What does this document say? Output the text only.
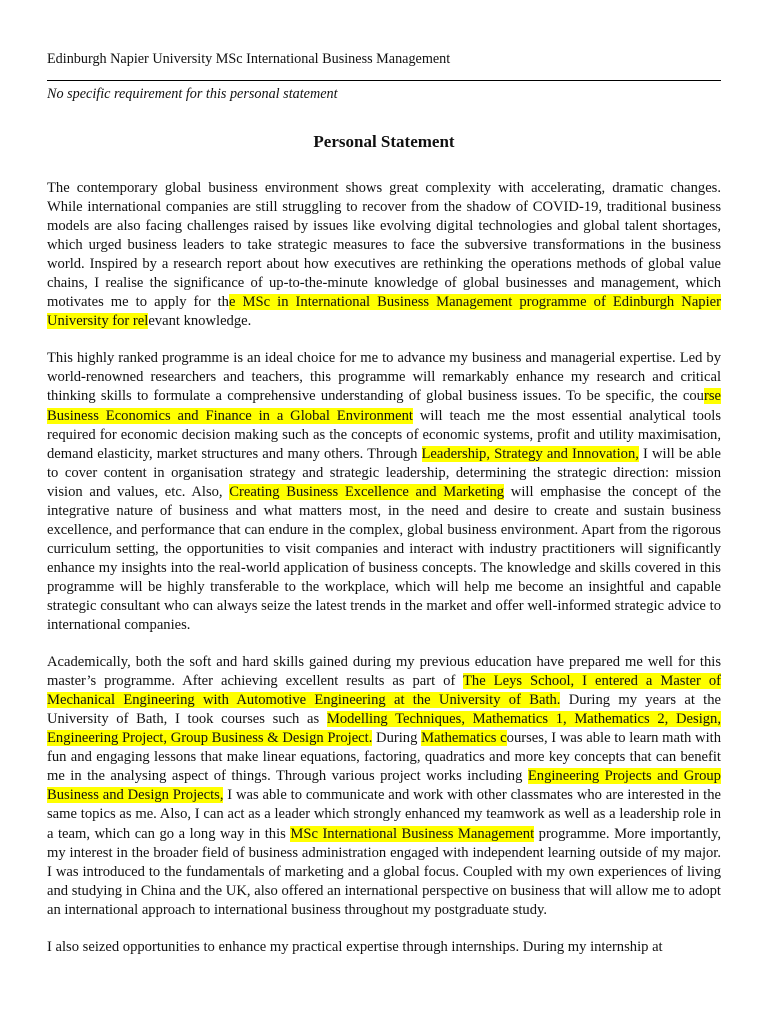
Edinburgh Napier University MSc International Business Management
No specific requirement for this personal statement
Personal Statement

The contemporary global business environment shows great complexity with accelerating, dramatic changes. While international companies are still struggling to recover from the shadow of COVID-19, traditional business models are also facing challenges raised by issues like evolving digital technologies and global talent shortages, which urged business leaders to take strategic measures to face the subversive transformations in the business world. Inspired by a research report about how executives are rethinking the operations methods of global value chains, I realise the significance of up-to-the-minute knowledge of global businesses and management, which motivates me to apply for the MSc in International Business Management programme of Edinburgh Napier University for relevant knowledge.

This highly ranked programme is an ideal choice for me to advance my business and managerial expertise. Led by world-renowned researchers and teachers, this programme will remarkably enhance my research and critical thinking skills to formulate a comprehensive understanding of global business issues. To be specific, the course Business Economics and Finance in a Global Environment will teach me the most essential analytical tools required for economic decision making such as the concepts of economic systems, profit and utility maximisation, demand elasticity, market structures and many others. Through Leadership, Strategy and Innovation, I will be able to cover content in organisation strategy and strategic leadership, determining the strategic direction: mission vision and values, etc. Also, Creating Business Excellence and Marketing will emphasise the concept of the integrative nature of business and what matters most, in the need and desire to create and sustain business excellence, and performance that can endure in the complex, global business environment. Apart from the rigorous curriculum setting, the opportunities to visit companies and interact with industry practitioners will significantly enhance my insights into the real-world application of business concepts. The knowledge and skills covered in this programme will be highly transferable to the workplace, which will help me become an insightful and capable strategic consultant who can always seize the latest trends in the market and offer well-informed strategic advice to international companies.

Academically, both the soft and hard skills gained during my previous education have prepared me well for this master’s programme. After achieving excellent results as part of The Leys School, I entered a Master of Mechanical Engineering with Automotive Engineering at the University of Bath. During my years at the University of Bath, I took courses such as Modelling Techniques, Mathematics 1, Mathematics 2, Design, Engineering Project, Group Business & Design Project. During Mathematics courses, I was able to learn math with fun and engaging lessons that make linear equations, factoring, quadratics and more key concepts that can benefit me in the analysing aspect of things. Through various project works including Engineering Projects and Group Business and Design Projects, I was able to communicate and work with other classmates who are interested in the same topics as me. Also, I can act as a leader which strongly enhanced my teamwork as well as a leadership role in a team, which can go a long way in this MSc International Business Management programme. More importantly, my interest in the broader field of business administration engaged with independent learning outside of my major. I was introduced to the fundamentals of marketing and a global focus. Coupled with my own experiences of living and studying in China and the UK, also offered an international perspective on business that will allow me to adopt an international approach to international business throughout my postgraduate study.

I also seized opportunities to enhance my practical expertise through internships. During my internship at
